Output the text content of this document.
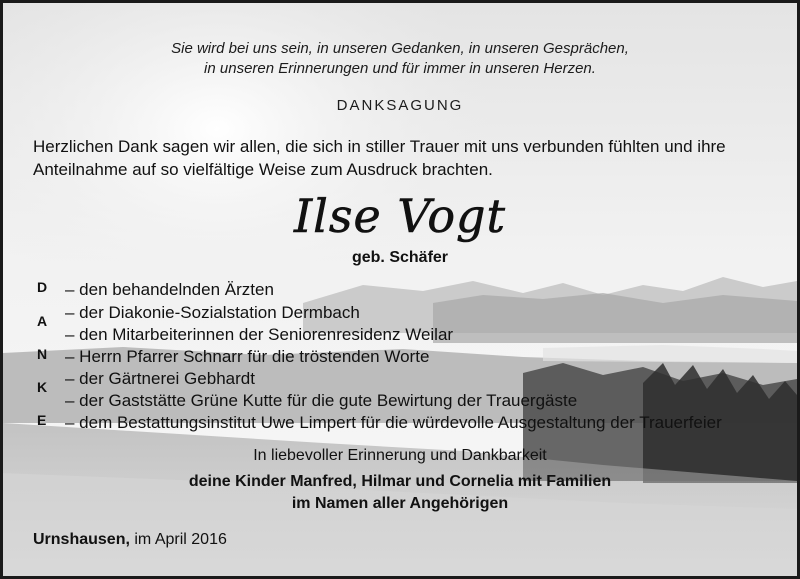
Sie wird bei uns sein, in unseren Gedanken, in unseren Gesprächen,
in unseren Erinnerungen und für immer in unseren Herzen.
DANKSAGUNG
Herzlichen Dank sagen wir allen, die sich in stiller Trauer mit uns verbunden fühlten und ihre Anteilnahme auf so vielfältige Weise zum Ausdruck brachten.
Ilse Vogt
geb. Schäfer
D
A
N
K
E
– den behandelnden Ärzten
– der Diakonie-Sozialstation Dermbach
– den Mitarbeiterinnen der Seniorenresidenz Weilar
– Herrn Pfarrer Schnarr für die tröstenden Worte
– der Gärtnerei Gebhardt
– der Gaststätte Grüne Kutte für die gute Bewirtung der Trauergäste
– dem Bestattungsinstitut Uwe Limpert für die würdevolle Ausgestaltung der Trauerfeier
In liebevoller Erinnerung und Dankbarkeit
deine Kinder Manfred, Hilmar und Cornelia mit Familien
im Namen aller Angehörigen
Urnshausen, im April 2016
